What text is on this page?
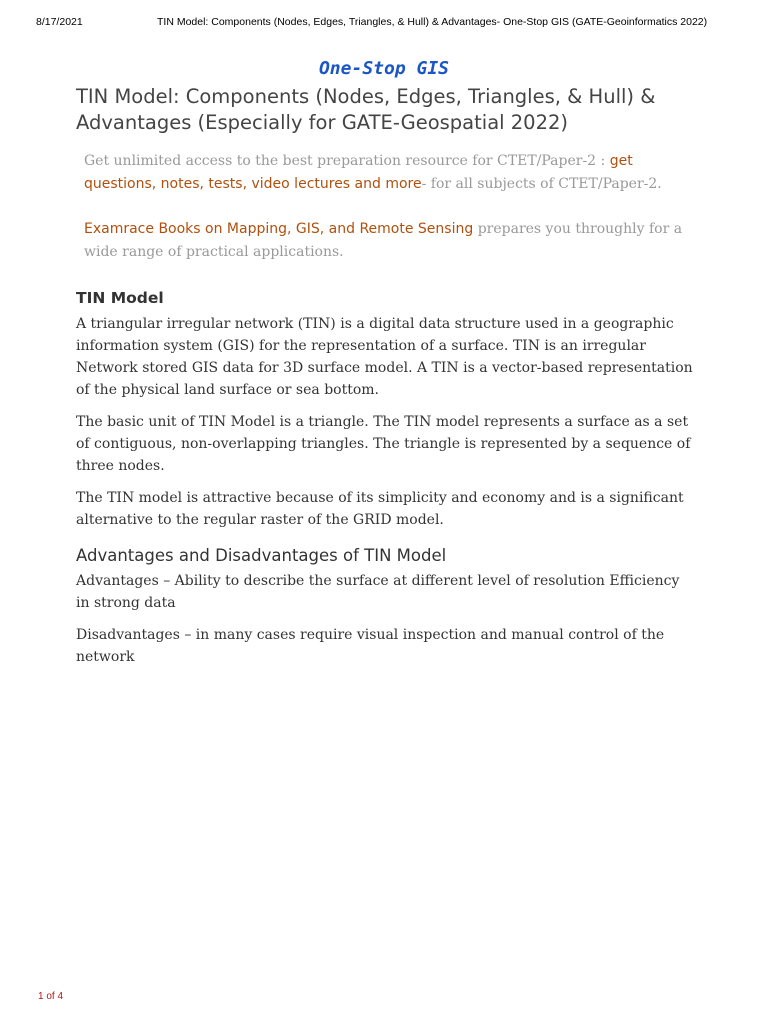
8/17/2021	TIN Model: Components (Nodes, Edges, Triangles, & Hull) & Advantages- One-Stop GIS (GATE-Geoinformatics 2022)
One-Stop GIS
TIN Model: Components (Nodes, Edges, Triangles, & Hull) & Advantages (Especially for GATE-Geospatial 2022)

Get unlimited access to the best preparation resource for CTET/Paper-2 : get questions, notes, tests, video lectures and more- for all subjects of CTET/Paper-2.

Examrace Books on Mapping, GIS, and Remote Sensing prepares you throughly for a wide range of practical applications.

TIN Model

A triangular irregular network (TIN) is a digital data structure used in a geographic information system (GIS) for the representation of a surface. TIN is an irregular Network stored GIS data for 3D surface model. A TIN is a vector-based representation of the physical land surface or sea bottom.

The basic unit of TIN Model is a triangle. The TIN model represents a surface as a set of contiguous, non-overlapping triangles. The triangle is represented by a sequence of three nodes.

The TIN model is attractive because of its simplicity and economy and is a significant alternative to the regular raster of the GRID model.

Advantages and Disadvantages of TIN Model

Advantages – Ability to describe the surface at different level of resolution Efficiency in strong data

Disadvantages – in many cases require visual inspection and manual control of the network

1 of 4
